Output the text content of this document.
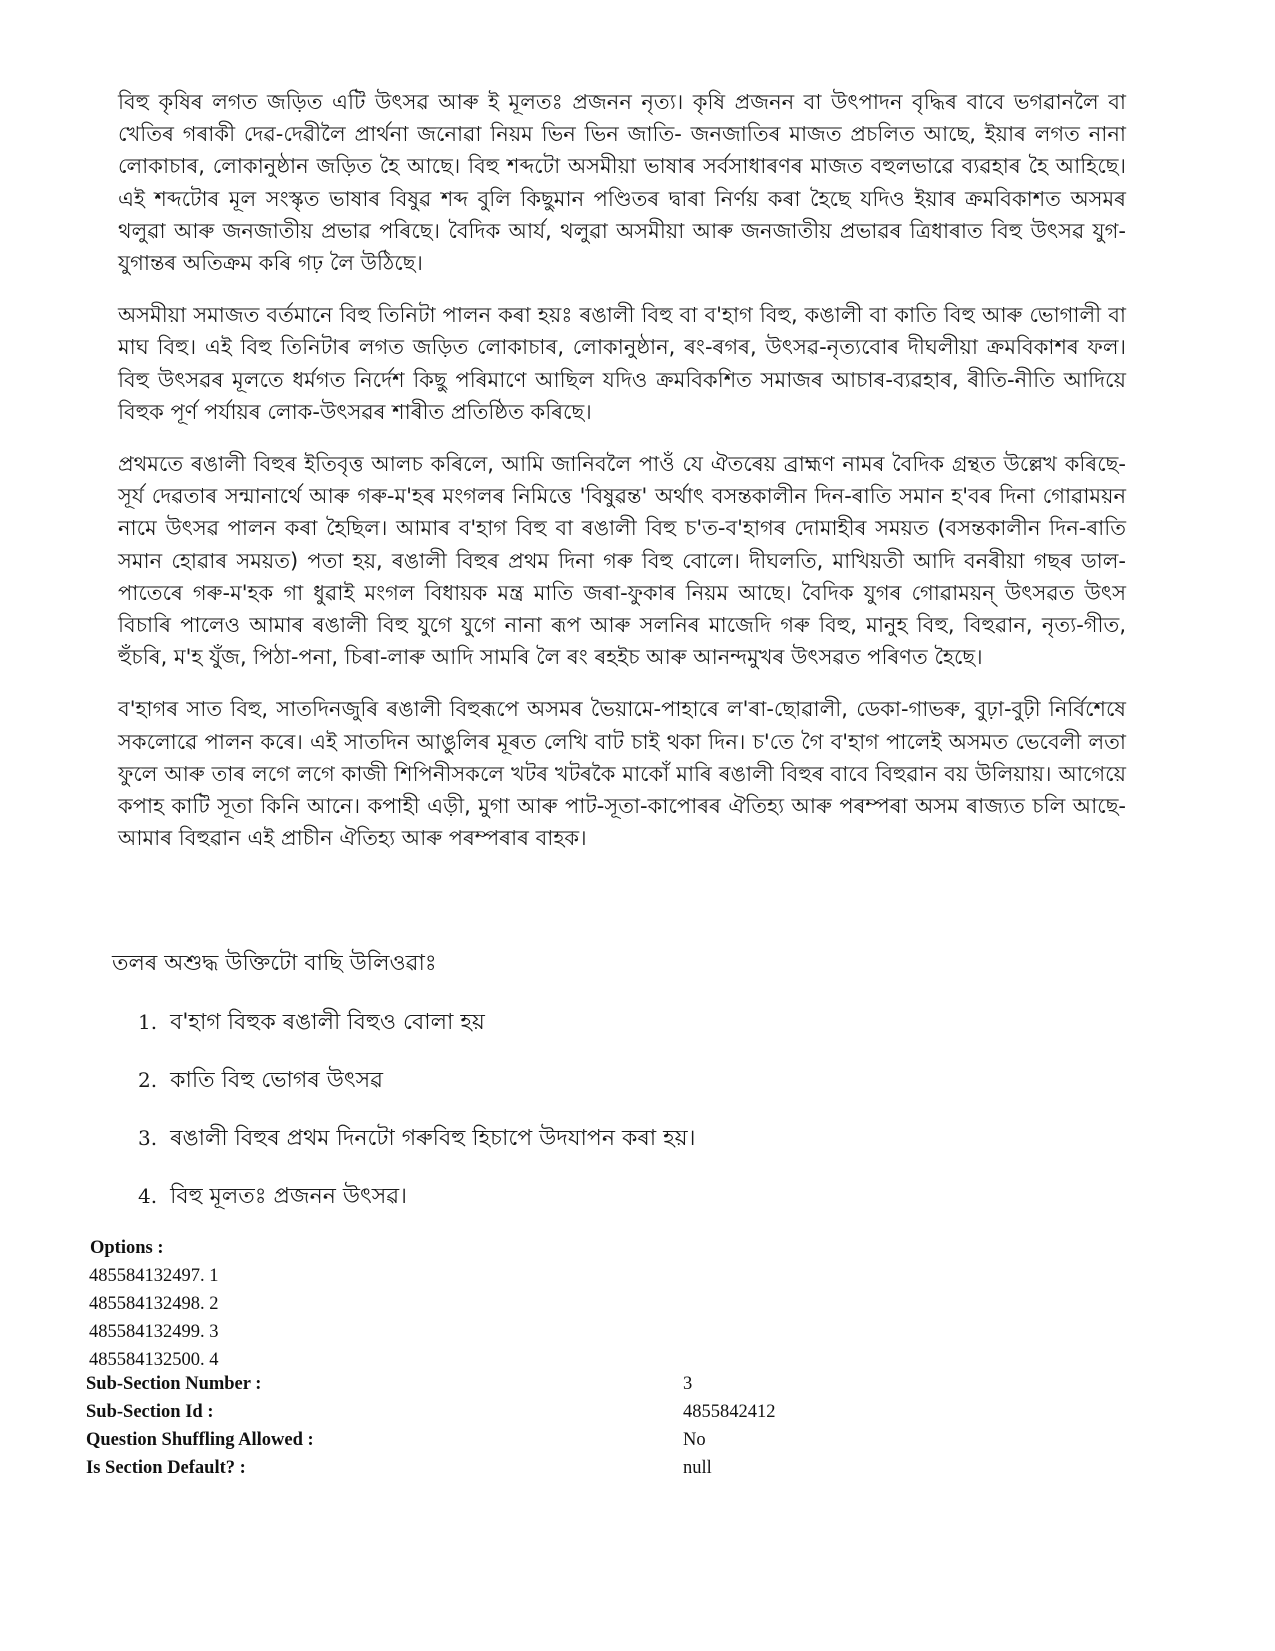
বিহু কৃষিৰ লগত জড়িত এটি উৎসৱ আৰু ই মূলতঃ প্ৰজনন নৃত্য। কৃষি প্ৰজনন বা উৎপাদন বৃদ্ধিৰ বাবে ভগৱানলৈ বা খেতিৰ গৰাকী দেৱ-দেৱীলৈ প্ৰাৰ্থনা জনোৱা নিয়ম ভিন ভিন জাতি- জনজাতিৰ মাজত প্ৰচলিত আছে, ইয়াৰ লগত নানা লোকাচাৰ, লোকানুষ্ঠান জড়িত হৈ আছে। বিহু শব্দটো অসমীয়া ভাষাৰ সৰ্বসাধাৰণৰ মাজত বহুলভাৱে ব্যৱহাৰ হৈ আহিছে। এই শব্দটোৰ মূল সংস্কৃত ভাষাৰ বিষুৱ শব্দ বুলি কিছুমান পণ্ডিতৰ দ্বাৰা নিৰ্ণয় কৰা হৈছে যদিও ইয়াৰ ক্ৰমবিকাশত অসমৰ থলুৱা আৰু জনজাতীয় প্ৰভাৱ পৰিছে। বৈদিক আৰ্য, থলুৱা অসমীয়া আৰু জনজাতীয় প্ৰভাৱৰ ত্ৰিধাৰাত বিহু উৎসৱ যুগ-যুগান্তৰ অতিক্ৰম কৰি গঢ় লৈ উঠিছে।

অসমীয়া সমাজত বৰ্তমানে বিহু তিনিটা পালন কৰা হয়ঃ ৰঙালী বিহু বা ব'হাগ বিহু, কঙালী বা কাতি বিহু আৰু ভোগালী বা মাঘ বিহু। এই বিহু তিনিটাৰ লগত জড়িত লোকাচাৰ, লোকানুষ্ঠান, ৰং-ৰগৰ, উৎসৱ-নৃত্যবোৰ দীঘলীয়া ক্ৰমবিকাশৰ ফল। বিহু উৎসৱৰ মূলতে ধৰ্মগত নিৰ্দেশ কিছু পৰিমাণে আছিল যদিও ক্ৰমবিকশিত সমাজৰ আচাৰ-ব্যৱহাৰ, ৰীতি-নীতি আদিয়ে বিহুক পূৰ্ণ পৰ্যায়ৰ লোক-উৎসৱৰ শাৰীত প্ৰতিষ্ঠিত কৰিছে।

প্ৰথমতে ৰঙালী বিহুৰ ইতিবৃত্ত আলচ কৰিলে, আমি জানিবলৈ পাওঁ যে ঐতৰেয় ব্ৰাহ্মণ নামৰ বৈদিক গ্ৰন্থত উল্লেখ কৰিছে- সূৰ্য দেৱতাৰ সন্মানাৰ্থে আৰু গৰু-ম'হৰ মংগলৰ নিমিত্তে 'বিষুৱন্ত' অৰ্থাৎ বসন্তকালীন দিন-ৰাতি সমান হ'বৰ দিনা গোৱাময়ন নামে উৎসৱ পালন কৰা হৈছিল। আমাৰ ব'হাগ বিহু বা ৰঙালী বিহু চ'ত-ব'হাগৰ দোমাহীৰ সময়ত (বসন্তকালীন দিন-ৰাতি সমান হোৱাৰ সময়ত) পতা হয়, ৰঙালী বিহুৰ প্ৰথম দিনা গৰু বিহু বোলে। দীঘলতি, মাখিয়তী আদি বনৰীয়া গছৰ ডাল-পাতেৰে গৰু-ম'হক গা ধুৱাই মংগল বিধায়ক মন্ত্ৰ মাতি জৰা-ফুকাৰ নিয়ম আছে। বৈদিক যুগৰ গোৱাময়ন্ উৎসৱত উৎস বিচাৰি পালেও আমাৰ ৰঙালী বিহু যুগে যুগে নানা ৰূপ আৰু সলনিৰ মাজেদি গৰু বিহু, মানুহ বিহু, বিহুৱান, নৃত্য-গীত, হুঁচৰি, ম'হ যুঁজ, পিঠা-পনা, চিৰা-লাৰু আদি সামৰি লৈ ৰং ৰহইচ আৰু আনন্দমুখৰ উৎসৱত পৰিণত হৈছে।

ব'হাগৰ সাত বিহু, সাতদিনজুৰি ৰঙালী বিহুৰূপে অসমৰ ভৈয়ামে-পাহাৰে ল'ৰা-ছোৱালী, ডেকা-গাভৰু, বুঢ়া-বুঢ়ী নিৰ্বিশেষে সকলোৱে পালন কৰে। এই সাতদিন আঙুলিৰ মূৰত লেখি বাট চাই থকা দিন। চ'তে গৈ ব'হাগ পালেই অসমত ভেবেলী লতা ফুলে আৰু তাৰ লগে লগে কাজী শিপিনীসকলে খটৰ খটৰকৈ মাকোঁ মাৰি ৰঙালী বিহুৰ বাবে বিহুৱান বয় উলিয়ায়। আগেয়ে কপাহ কাটি সূতা কিনি আনে। কপাহী এড়ী, মুগা আৰু পাট-সূতা-কাপোৰৰ ঐতিহ্য আৰু পৰম্পৰা অসম ৰাজ্যত চলি আছে- আমাৰ বিহুৱান এই প্ৰাচীন ঐতিহ্য আৰু পৰম্পৰাৰ বাহক।

তলৰ অশুদ্ধ উক্তিটো বাছি উলিওৱাঃ
1. ব'হাগ বিহুক ৰঙালী বিহুও বোলা হয়
2. কাতি বিহু ভোগৰ উৎসৱ
3. ৰঙালী বিহুৰ প্ৰথম দিনটো গৰুবিহু হিচাপে উদযাপন কৰা হয়।
4. বিহু মূলতঃ প্ৰজনন উৎসৱ।
Options :
485584132497. 1
485584132498. 2
485584132499. 3
485584132500. 4
Sub-Section Number :	3
Sub-Section Id :	4855842412
Question Shuffling Allowed :	No
Is Section Default? :	null
